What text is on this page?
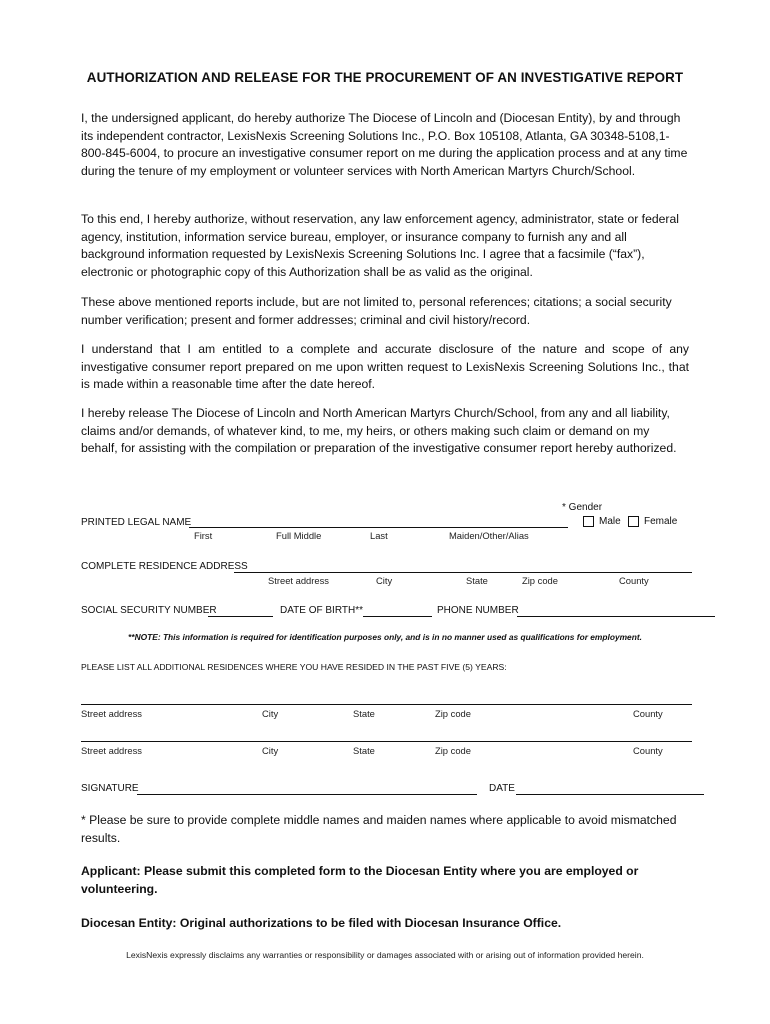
AUTHORIZATION AND RELEASE FOR THE PROCUREMENT OF AN INVESTIGATIVE REPORT
I, the undersigned applicant, do hereby authorize The Diocese of Lincoln and (Diocesan Entity), by and through its independent contractor, LexisNexis Screening Solutions Inc., P.O. Box 105108, Atlanta, GA 30348-5108,1-800-845-6004, to procure an investigative consumer report on me during the application process and at any time during the tenure of my employment or volunteer services with North American Martyrs Church/School.
To this end, I hereby authorize, without reservation, any law enforcement agency, administrator, state or federal agency, institution, information service bureau, employer, or insurance company to furnish any and all background information requested by LexisNexis Screening Solutions Inc. I agree that a facsimile (“fax”), electronic or photographic copy of this Authorization shall be as valid as the original.
These above mentioned reports include, but are not limited to, personal references; citations; a social security number verification; present and former addresses; criminal and civil history/record.
I understand that I am entitled to a complete and accurate disclosure of the nature and scope of any investigative consumer report prepared on me upon written request to LexisNexis Screening Solutions Inc., that is made within a reasonable time after the date hereof.
I hereby release The Diocese of Lincoln and North American Martyrs Church/School, from any and all liability, claims and/or demands, of whatever kind, to me, my heirs, or others making such claim or demand on my behalf, for assisting with the compilation or preparation of the investigative consumer report hereby authorized.
* Gender
Male Female
PRINTED LEGAL NAME
First	Full Middle	Last	Maiden/Other/Alias
COMPLETE RESIDENCE ADDRESS
Street address	City	State	Zip code	County
SOCIAL SECURITY NUMBER	DATE OF BIRTH**	PHONE NUMBER
**NOTE: This information is required for identification purposes only, and is in no manner used as qualifications for employment.
PLEASE LIST ALL ADDITIONAL RESIDENCES WHERE YOU HAVE RESIDED IN THE PAST FIVE (5) YEARS:
Street address	City	State	Zip code	County
Street address	City	State	Zip code	County
SIGNATURE	DATE
* Please be sure to provide complete middle names and maiden names where applicable to avoid mismatched results.
Applicant: Please submit this completed form to the Diocesan Entity where you are employed or volunteering.
Diocesan Entity: Original authorizations to be filed with Diocesan Insurance Office.
LexisNexis expressly disclaims any warranties or responsibility or damages associated with or arising out of information provided herein.
